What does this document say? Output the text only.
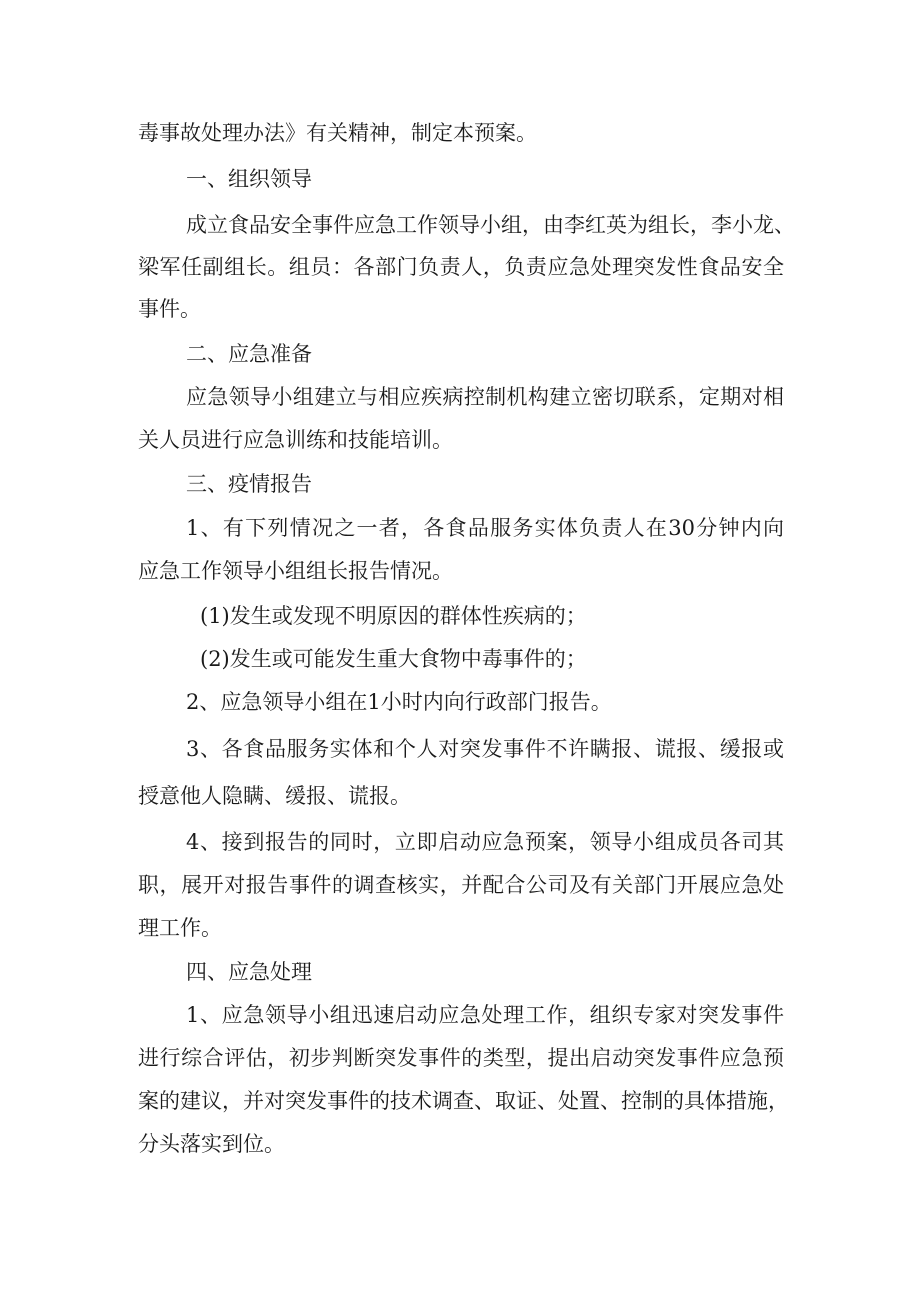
毒事故处理办法》有关精神，制定本预案。
一、组织领导
成立食品安全事件应急工作领导小组，由李红英为组长，李小龙、
梁军任副组长。组员：各部门负责人，负责应急处理突发性食品安全
事件。
二、应急准备
应急领导小组建立与相应疾病控制机构建立密切联系，定期对相
关人员进行应急训练和技能培训。
三、疫情报告
1、有下列情况之一者，各食品服务实体负责人在30分钟内向
应急工作领导小组组长报告情况。
(1)发生或发现不明原因的群体性疾病的；
(2)发生或可能发生重大食物中毒事件的；
2、应急领导小组在1小时内向行政部门报告。
3、各食品服务实体和个人对突发事件不许瞒报、谎报、缓报或
授意他人隐瞒、缓报、谎报。
4、接到报告的同时，立即启动应急预案，领导小组成员各司其
职，展开对报告事件的调查核实，并配合公司及有关部门开展应急处
理工作。
四、应急处理
1、应急领导小组迅速启动应急处理工作，组织专家对突发事件
进行综合评估，初步判断突发事件的类型，提出启动突发事件应急预
案的建议，并对突发事件的技术调查、取证、处置、控制的具体措施，
分头落实到位。
